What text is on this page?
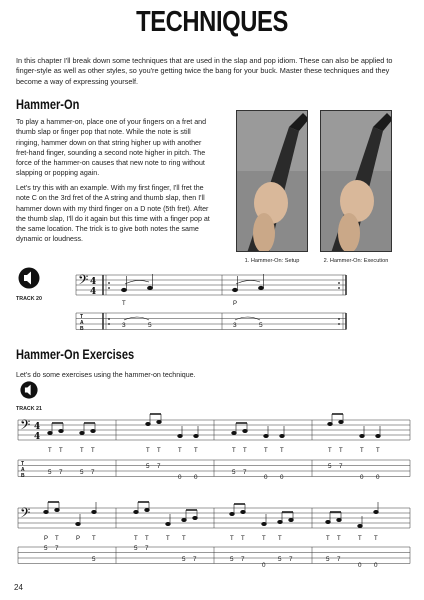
TECHNIQUES
In this chapter I'll break down some techniques that are used in the slap and pop idiom. These can also be applied to finger-style as well as other styles, so you're getting twice the bang for your buck. Master these techniques and they become a way of expressing yourself.
Hammer-On
To play a hammer-on, place one of your fingers on a fret and thumb slap or finger pop that note. While the note is still ringing, hammer down on that string higher up with another fret-hand finger, sounding a second note higher in pitch. The force of the hammer-on causes that new note to ring without slapping or popping again.
Let's try this with an example. With my first finger, I'll fret the note C on the 3rd fret of the A string and thumb slap, then I'll hammer down with my third finger on a D note (5th fret). After the thumb slap, I'll do it again but this time with a finger pop at the same location. The trick is to give both notes the same dynamic or loudness.
1. Hammer-On: Setup	2. Hammer-On: Execution
TRACK 20
𝄢 4
4
T	P
T
A
B	3	5	3	5
Hammer-On Exercises
Let's do some exercises using the hammer-on technique.
TRACK 21
𝄢 4
4
T T	T T	T T	T T	T T	T T	T T	T T
T
A
B	5 7	5 7
5 7
0 0
5 7
0 0
5 7
0 0
𝄢
P T	P T	T T	T T	T T	T T	T T	T T
5 7
5
5 7
5 7	5 7
0
5 7	5 7
0 0
24
